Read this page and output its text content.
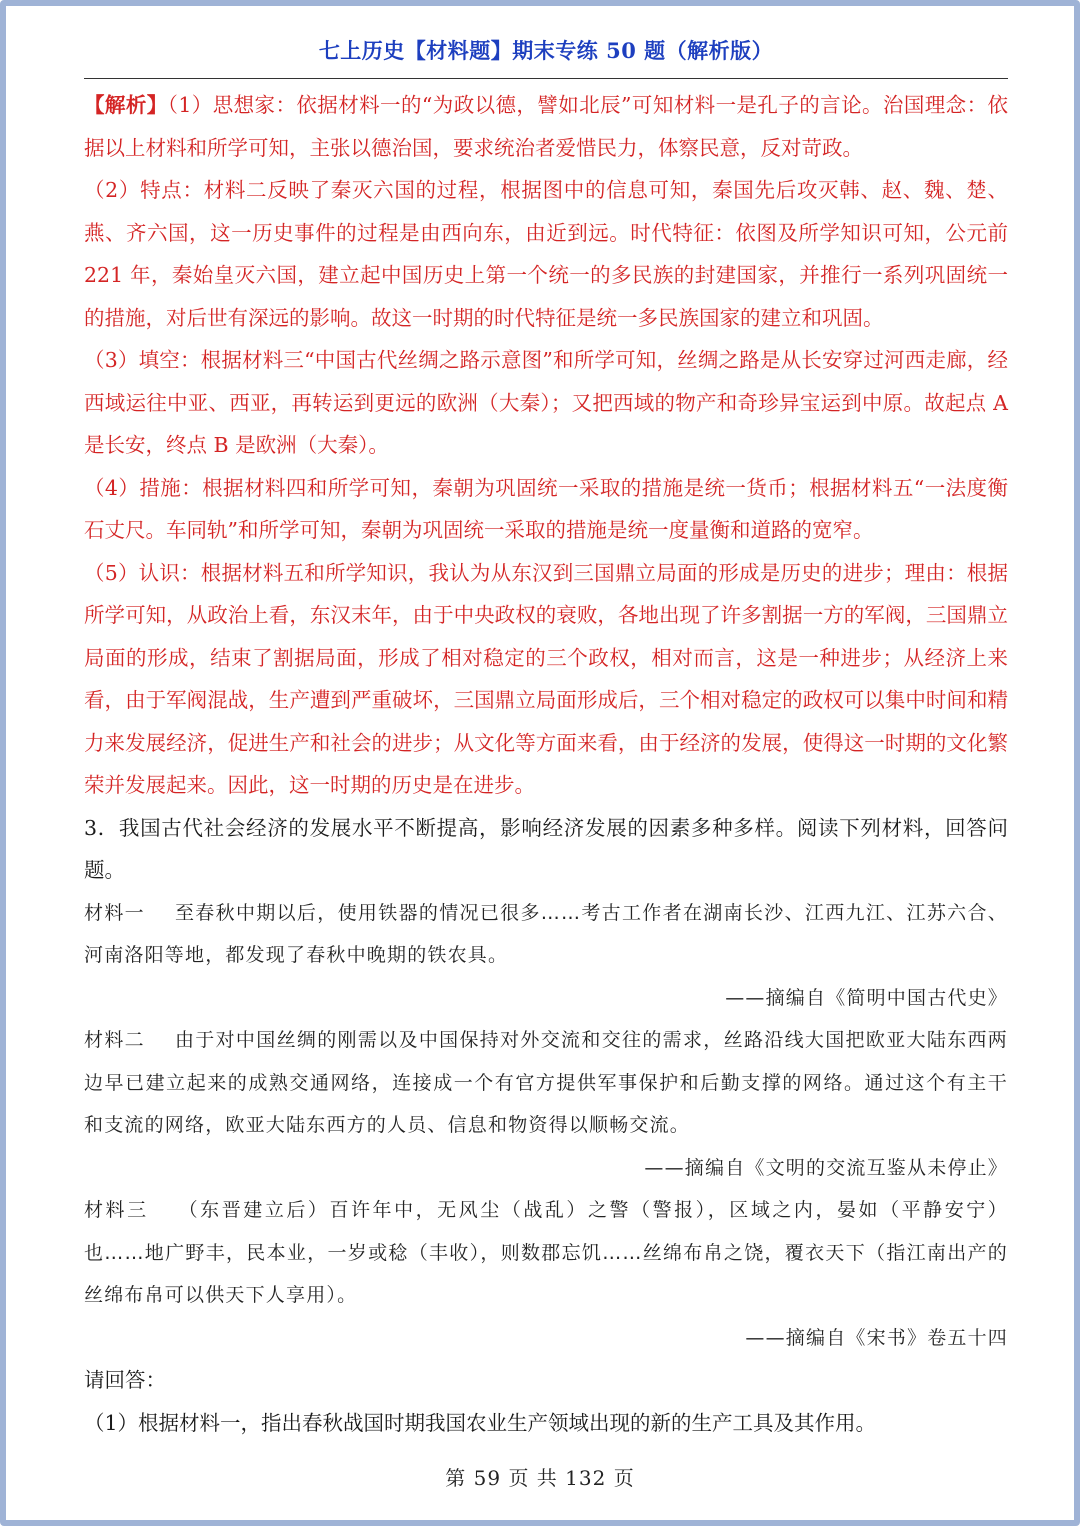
七上历史【材料题】期末专练 50 题（解析版）

【解析】（1）思想家：依据材料一的“为政以德，譬如北辰”可知材料一是孔子的言论。治国理念：依据以上材料和所学可知，主张以德治国，要求统治者爱惜民力，体察民意，反对苛政。

（2）特点：材料二反映了秦灭六国的过程，根据图中的信息可知，秦国先后攻灭韩、赵、魏、楚、燕、齐六国，这一历史事件的过程是由西向东，由近到远。时代特征：依图及所学知识可知，公元前 221 年，秦始皇灭六国，建立起中国历史上第一个统一的多民族的封建国家，并推行一系列巩固统一的措施，对后世有深远的影响。故这一时期的时代特征是统一多民族国家的建立和巩固。

（3）填空：根据材料三“中国古代丝绸之路示意图”和所学可知，丝绸之路是从长安穿过河西走廊，经西域运往中亚、西亚，再转运到更远的欧洲（大秦）；又把西域的物产和奇珍异宝运到中原。故起点 A 是长安，终点 B 是欧洲（大秦）。

（4）措施：根据材料四和所学可知，秦朝为巩固统一采取的措施是统一货币；根据材料五“一法度衡石丈尺。车同轨”和所学可知，秦朝为巩固统一采取的措施是统一度量衡和道路的宽窄。

（5）认识：根据材料五和所学知识，我认为从东汉到三国鼎立局面的形成是历史的进步；理由：根据所学可知，从政治上看，东汉末年，由于中央政权的衰败，各地出现了许多割据一方的军阀，三国鼎立局面的形成，结束了割据局面，形成了相对稳定的三个政权，相对而言，这是一种进步；从经济上来看，由于军阀混战，生产遭到严重破坏，三国鼎立局面形成后，三个相对稳定的政权可以集中时间和精力来发展经济，促进生产和社会的进步；从文化等方面来看，由于经济的发展，使得这一时期的文化繁荣并发展起来。因此，这一时期的历史是在进步。

3．我国古代社会经济的发展水平不断提高，影响经济发展的因素多种多样。阅读下列材料，回答问题。

材料一 至春秋中期以后，使用铁器的情况已很多……考古工作者在湖南长沙、江西九江、江苏六合、河南洛阳等地，都发现了春秋中晚期的铁农具。

——摘编自《简明中国古代史》

材料二 由于对中国丝绸的刚需以及中国保持对外交流和交往的需求，丝路沿线大国把欧亚大陆东西两边早已建立起来的成熟交通网络，连接成一个有官方提供军事保护和后勤支撑的网络。通过这个有主干和支流的网络，欧亚大陆东西方的人员、信息和物资得以顺畅交流。

——摘编自《文明的交流互鉴从未停止》

材料三 （东晋建立后）百许年中，无风尘（战乱）之警（警报），区域之内，晏如（平静安宁）也……地广野丰，民本业，一岁或稔（丰收），则数郡忘饥……丝绵布帛之饶，覆衣天下（指江南出产的丝绵布帛可以供天下人享用）。

——摘编自《宋书》卷五十四

请回答：

（1）根据材料一，指出春秋战国时期我国农业生产领域出现的新的生产工具及其作用。

第 59 页 共 132 页
